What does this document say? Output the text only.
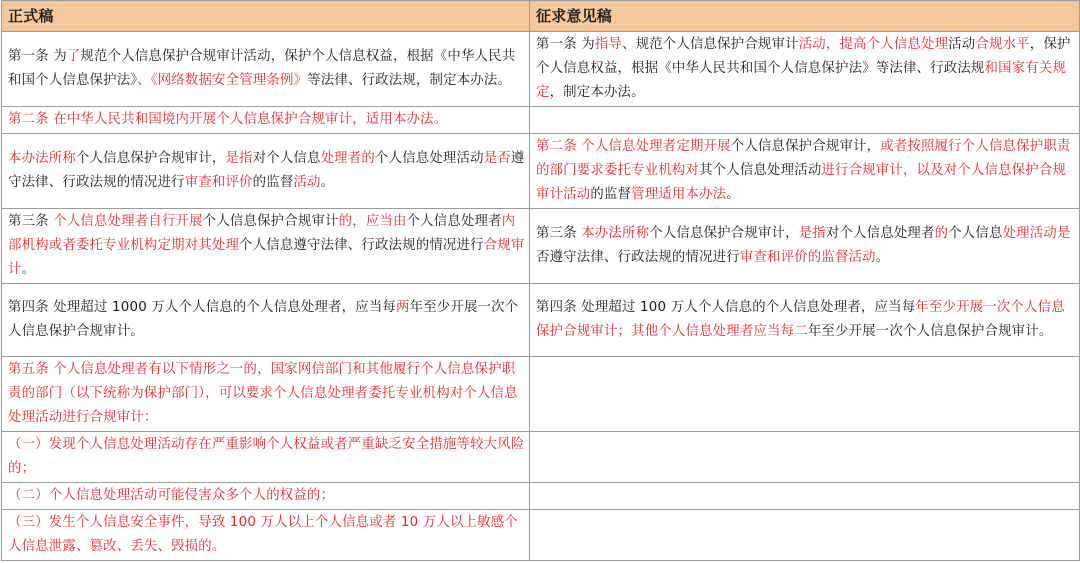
正式稿	征求意见稿
第一条 为了规范个人信息保护合规审计活动，保护个人信息权益，根据《中华人民共和国个人信息保护法》、《网络数据安全管理条例》等法律、行政法规，制定本办法。	第一条 为指导、规范个人信息保护合规审计活动，提高个人信息处理活动合规水平，保护个人信息权益，根据《中华人民共和国个人信息保护法》等法律、行政法规和国家有关规定，制定本办法。
第二条 在中华人民共和国境内开展个人信息保护合规审计，适用本办法。	
本办法所称个人信息保护合规审计，是指对个人信息处理者的个人信息处理活动是否遵守法律、行政法规的情况进行审查和评价的监督活动。	第二条 个人信息处理者定期开展个人信息保护合规审计，或者按照履行个人信息保护职责的部门要求委托专业机构对其个人信息处理活动进行合规审计，以及对个人信息保护合规审计活动的监督管理适用本办法。
第三条 个人信息处理者自行开展个人信息保护合规审计的，应当由个人信息处理者内部机构或者委托专业机构定期对其处理个人信息遵守法律、行政法规的情况进行合规审计。	第三条 本办法所称个人信息保护合规审计，是指对个人信息处理者的个人信息处理活动是否遵守法律、行政法规的情况进行审查和评价的监督活动。
第四条 处理超过 1000 万人个人信息的个人信息处理者，应当每两年至少开展一次个人信息保护合规审计。	第四条 处理超过 100 万人个人信息的个人信息处理者，应当每年至少开展一次个人信息保护合规审计；其他个人信息处理者应当每二年至少开展一次个人信息保护合规审计。
第五条 个人信息处理者有以下情形之一的，国家网信部门和其他履行个人信息保护职责的部门（以下统称为保护部门），可以要求个人信息处理者委托专业机构对个人信息处理活动进行合规审计：	
（一）发现个人信息处理活动存在严重影响个人权益或者严重缺乏安全措施等较大风险的；	
（二）个人信息处理活动可能侵害众多个人的权益的；	
（三）发生个人信息安全事件，导致 100 万人以上个人信息或者 10 万人以上敏感个人信息泄露、篡改、丢失、毁损的。	
